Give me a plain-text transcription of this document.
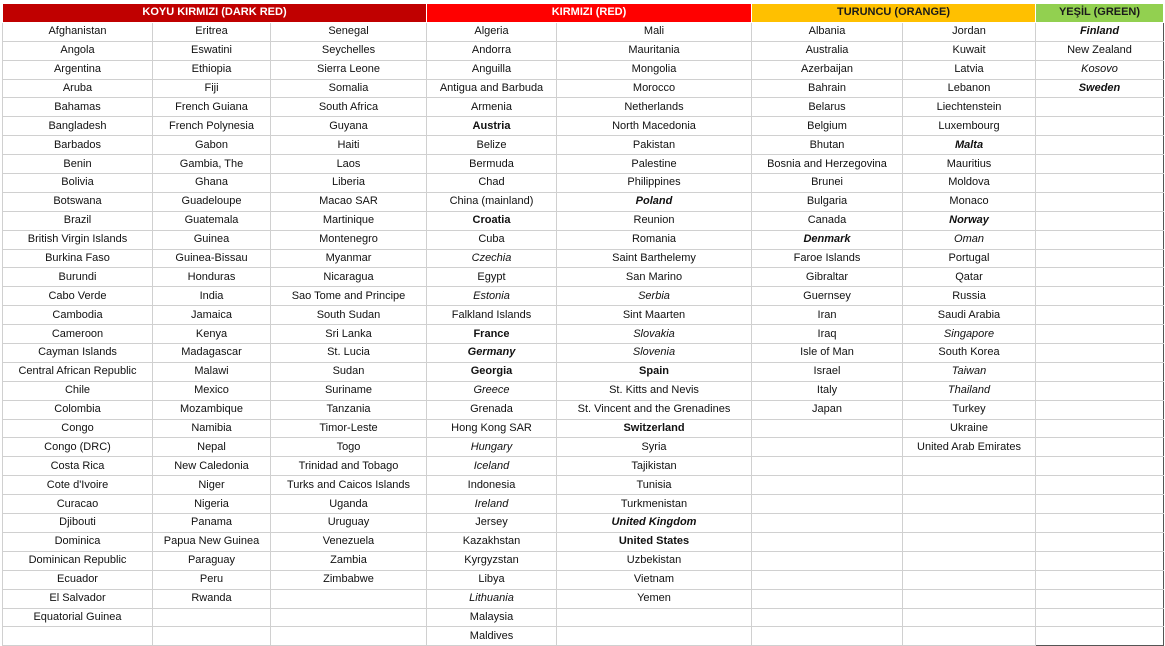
KOYU KIRMIZI (DARK RED)			KIRMIZI (RED)		TURUNCU (ORANGE)		YEŞİL (GREEN)
Afghanistan	Eritrea	Senegal	Algeria	Mali	Albania	Jordan	Finland
Angola	Eswatini	Seychelles	Andorra	Mauritania	Australia	Kuwait	New Zealand
Argentina	Ethiopia	Sierra Leone	Anguilla	Mongolia	Azerbaijan	Latvia	Kosovo
Aruba	Fiji	Somalia	Antigua and Barbuda	Morocco	Bahrain	Lebanon	Sweden
Bahamas	French Guiana	South Africa	Armenia	Netherlands	Belarus	Liechtenstein	
Bangladesh	French Polynesia	Guyana	Austria	North Macedonia	Belgium	Luxembourg	
Barbados	Gabon	Haiti	Belize	Pakistan	Bhutan	Malta	
Benin	Gambia, The	Laos	Bermuda	Palestine	Bosnia and Herzegovina	Mauritius	
Bolivia	Ghana	Liberia	Chad	Philippines	Brunei	Moldova	
Botswana	Guadeloupe	Macao SAR	China (mainland)	Poland	Bulgaria	Monaco	
Brazil	Guatemala	Martinique	Croatia	Reunion	Canada	Norway	
British Virgin Islands	Guinea	Montenegro	Cuba	Romania	Denmark	Oman	
Burkina Faso	Guinea-Bissau	Myanmar	Czechia	Saint Barthelemy	Faroe Islands	Portugal	
Burundi	Honduras	Nicaragua	Egypt	San Marino	Gibraltar	Qatar	
Cabo Verde	India	Sao Tome and Principe	Estonia	Serbia	Guernsey	Russia	
Cambodia	Jamaica	South Sudan	Falkland Islands	Sint Maarten	Iran	Saudi Arabia	
Cameroon	Kenya	Sri Lanka	France	Slovakia	Iraq	Singapore	
Cayman Islands	Madagascar	St. Lucia	Germany	Slovenia	Isle of Man	South Korea	
Central African Republic	Malawi	Sudan	Georgia	Spain	Israel	Taiwan	
Chile	Mexico	Suriname	Greece	St. Kitts and Nevis	Italy	Thailand	
Colombia	Mozambique	Tanzania	Grenada	St. Vincent and the Grenadines	Japan	Turkey	
Congo	Namibia	Timor-Leste	Hong Kong SAR	Switzerland		Ukraine	
Congo (DRC)	Nepal	Togo	Hungary	Syria		United Arab Emirates	
Costa Rica	New Caledonia	Trinidad and Tobago	Iceland	Tajikistan			
Cote d'Ivoire	Niger	Turks and Caicos Islands	Indonesia	Tunisia			
Curacao	Nigeria	Uganda	Ireland	Turkmenistan			
Djibouti	Panama	Uruguay	Jersey	United Kingdom			
Dominica	Papua New Guinea	Venezuela	Kazakhstan	United States			
Dominican Republic	Paraguay	Zambia	Kyrgyzstan	Uzbekistan			
Ecuador	Peru	Zimbabwe	Libya	Vietnam			
El Salvador	Rwanda		Lithuania	Yemen			
Equatorial Guinea			Malaysia				
			Maldives				
